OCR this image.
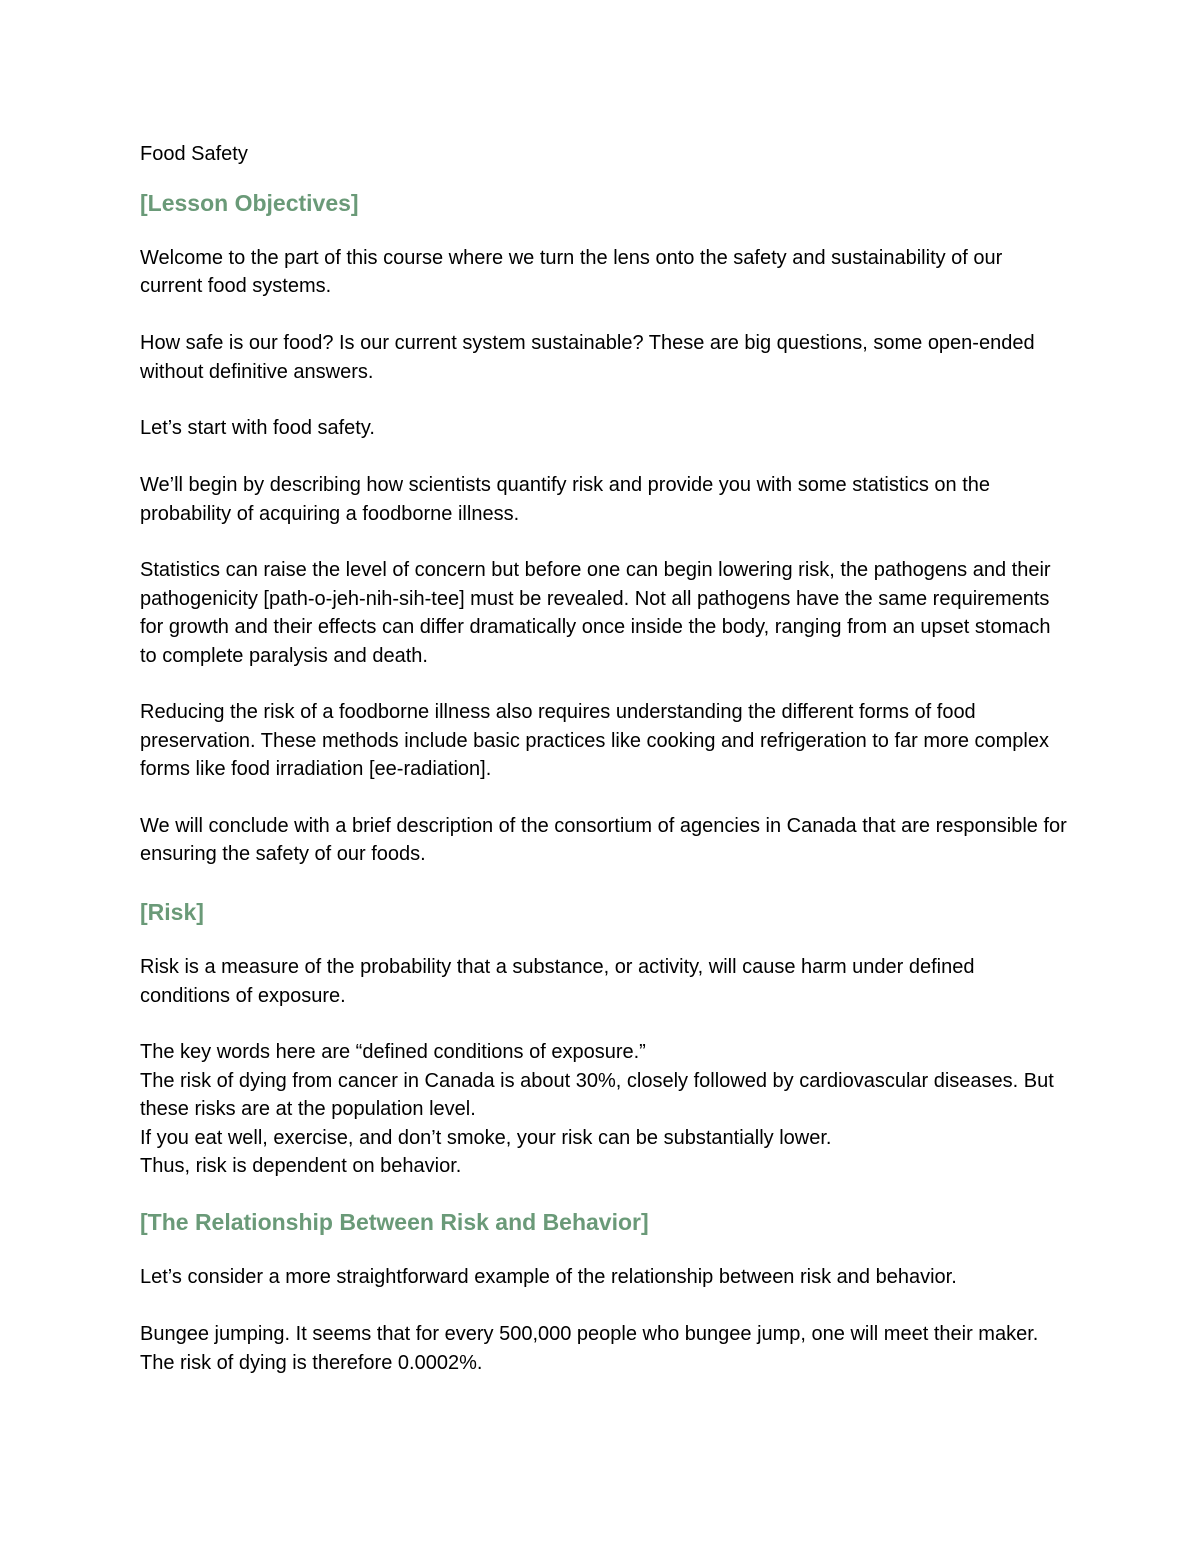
Food Safety
[Lesson Objectives]

Welcome to the part of this course where we turn the lens onto the safety and sustainability of our current food systems.

How safe is our food? Is our current system sustainable? These are big questions, some open-ended without definitive answers.

Let’s start with food safety.

We’ll begin by describing how scientists quantify risk and provide you with some statistics on the probability of acquiring a foodborne illness.

Statistics can raise the level of concern but before one can begin lowering risk, the pathogens and their pathogenicity [path-o-jeh-nih-sih-tee] must be revealed. Not all pathogens have the same requirements for growth and their effects can differ dramatically once inside the body, ranging from an upset stomach to complete paralysis and death.

Reducing the risk of a foodborne illness also requires understanding the different forms of food preservation. These methods include basic practices like cooking and refrigeration to far more complex forms like food irradiation [ee-radiation].

We will conclude with a brief description of the consortium of agencies in Canada that are responsible for ensuring the safety of our foods.

[Risk]

Risk is a measure of the probability that a substance, or activity, will cause harm under defined conditions of exposure.

The key words here are “defined conditions of exposure.”
The risk of dying from cancer in Canada is about 30%, closely followed by cardiovascular diseases. But these risks are at the population level.
If you eat well, exercise, and don’t smoke, your risk can be substantially lower.
Thus, risk is dependent on behavior.

[The Relationship Between Risk and Behavior]

Let’s consider a more straightforward example of the relationship between risk and behavior.

Bungee jumping. It seems that for every 500,000 people who bungee jump, one will meet their maker. The risk of dying is therefore 0.0002%.
